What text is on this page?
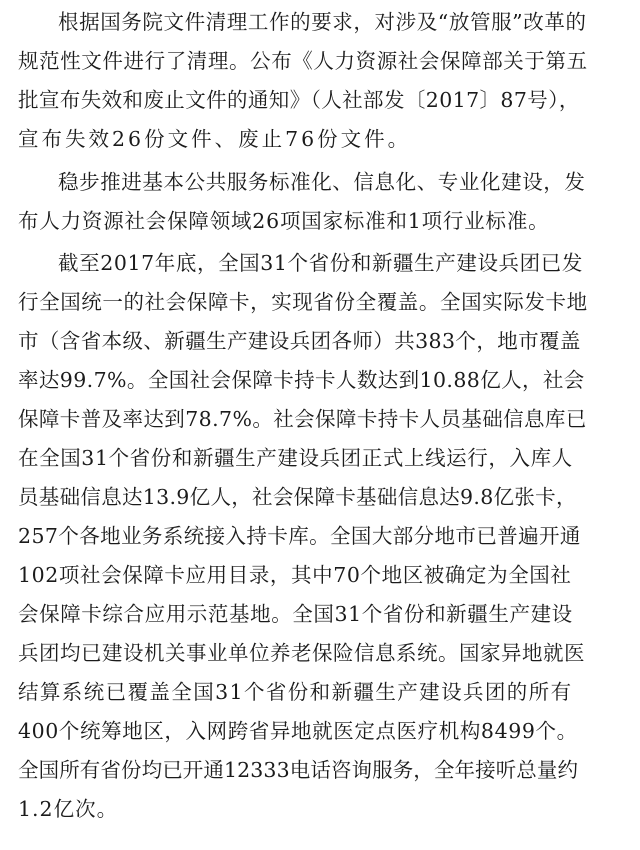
根据国务院文件清理工作的要求，对涉及“放管服”改革的
规范性文件进行了清理。公布《人力资源社会保障部关于第五
批宣布失效和废止文件的通知》（人社部发〔2017〕87号），
宣布失效26份文件、废止76份文件。
稳步推进基本公共服务标准化、信息化、专业化建设，发
布人力资源社会保障领域26项国家标准和1项行业标准。
截至2017年底，全国31个省份和新疆生产建设兵团已发
行全国统一的社会保障卡，实现省份全覆盖。全国实际发卡地
市（含省本级、新疆生产建设兵团各师）共383个，地市覆盖
率达99.7%。全国社会保障卡持卡人数达到10.88亿人，社会
保障卡普及率达到78.7%。社会保障卡持卡人员基础信息库已
在全国31个省份和新疆生产建设兵团正式上线运行，入库人
员基础信息达13.9亿人，社会保障卡基础信息达9.8亿张卡，
257个各地业务系统接入持卡库。全国大部分地市已普遍开通
102项社会保障卡应用目录，其中70个地区被确定为全国社
会保障卡综合应用示范基地。全国31个省份和新疆生产建设
兵团均已建设机关事业单位养老保险信息系统。国家异地就医
结算系统已覆盖全国31个省份和新疆生产建设兵团的所有
400个统筹地区，入网跨省异地就医定点医疗机构8499个。
全国所有省份均已开通12333电话咨询服务，全年接听总量约
1.2亿次。
